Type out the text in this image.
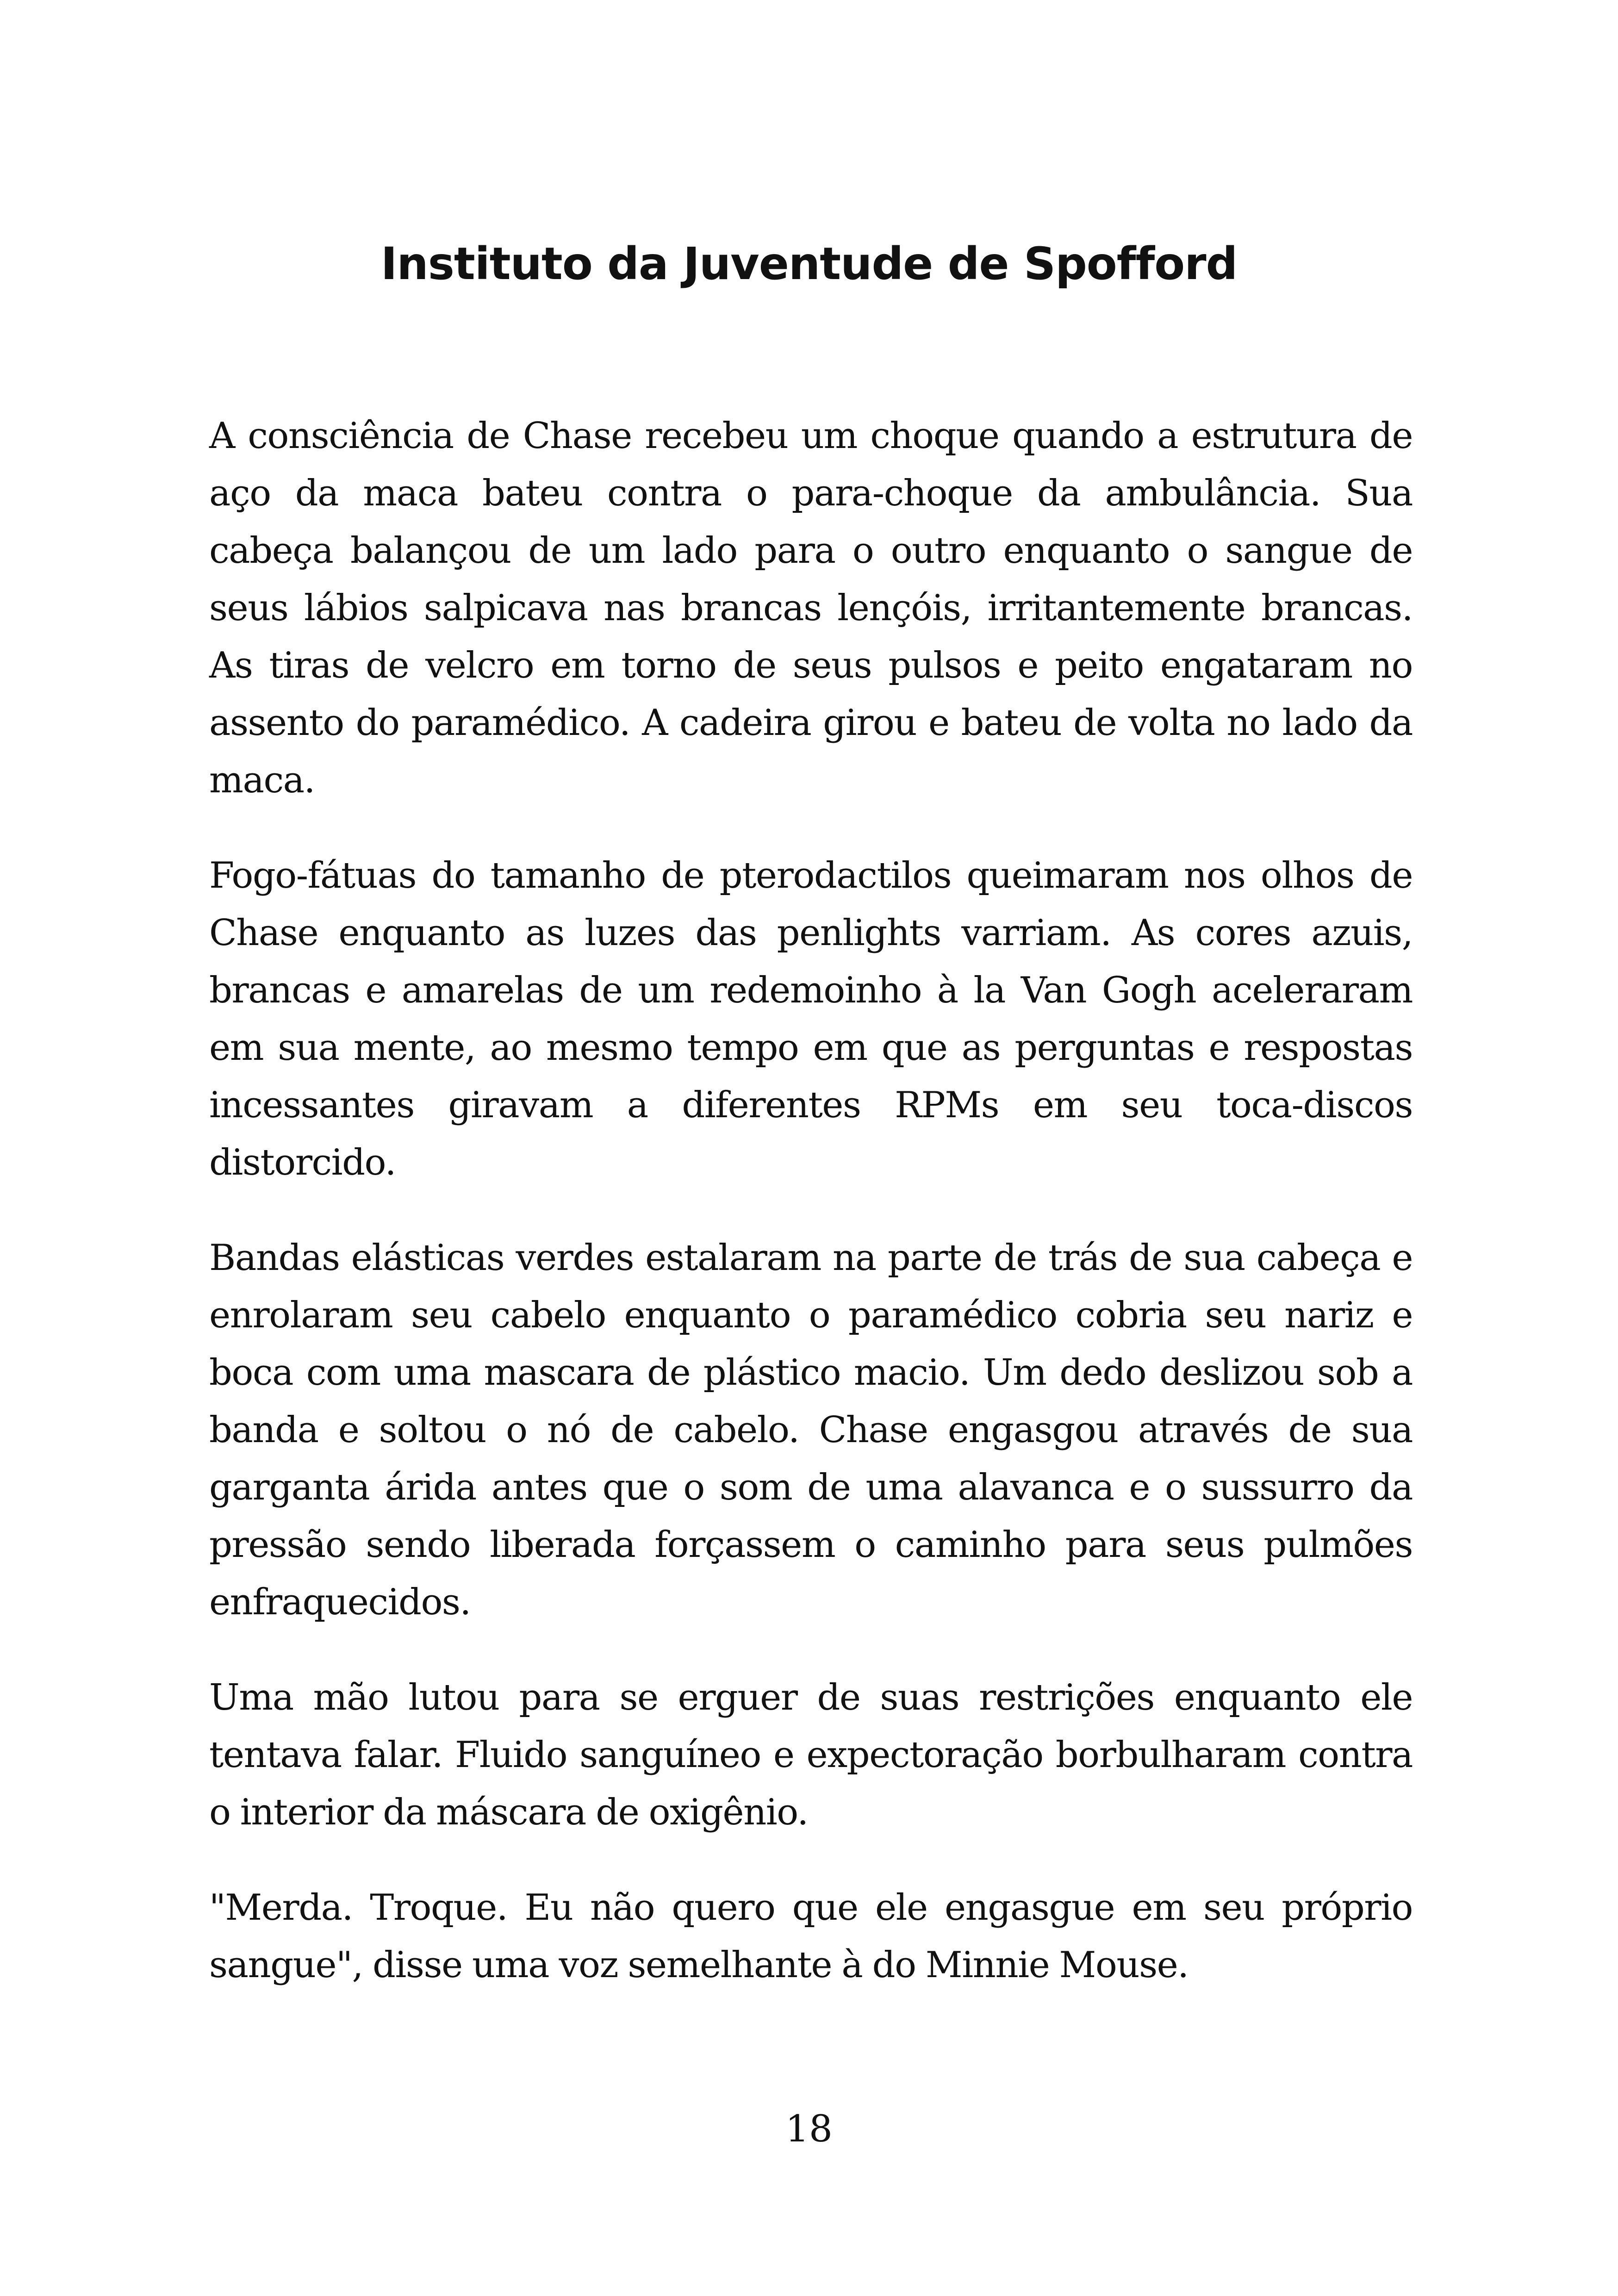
Instituto da Juventude de Spofford

A consciência de Chase recebeu um choque quando a estrutura de aço da maca bateu contra o para-choque da ambulância. Sua cabeça balançou de um lado para o outro enquanto o sangue de seus lábios salpicava nas brancas lençóis, irritantemente brancas. As tiras de velcro em torno de seus pulsos e peito engataram no assento do paramédico. A cadeira girou e bateu de volta no lado da maca.

Fogo-fátuas do tamanho de pterodactilos queimaram nos olhos de Chase enquanto as luzes das penlights varriam. As cores azuis, brancas e amarelas de um redemoinho à la Van Gogh aceleraram em sua mente, ao mesmo tempo em que as perguntas e respostas incessantes giravam a diferentes RPMs em seu toca-discos distorcido.

Bandas elásticas verdes estalaram na parte de trás de sua cabeça e enrolaram seu cabelo enquanto o paramédico cobria seu nariz e boca com uma mascara de plástico macio. Um dedo deslizou sob a banda e soltou o nó de cabelo. Chase engasgou através de sua garganta árida antes que o som de uma alavanca e o sussurro da pressão sendo liberada forçassem o caminho para seus pulmões enfraquecidos.

Uma mão lutou para se erguer de suas restrições enquanto ele tentava falar. Fluido sanguíneo e expectoração borbulharam contra o interior da máscara de oxigênio.

"Merda. Troque. Eu não quero que ele engasgue em seu próprio sangue", disse uma voz semelhante à do Minnie Mouse.

18
